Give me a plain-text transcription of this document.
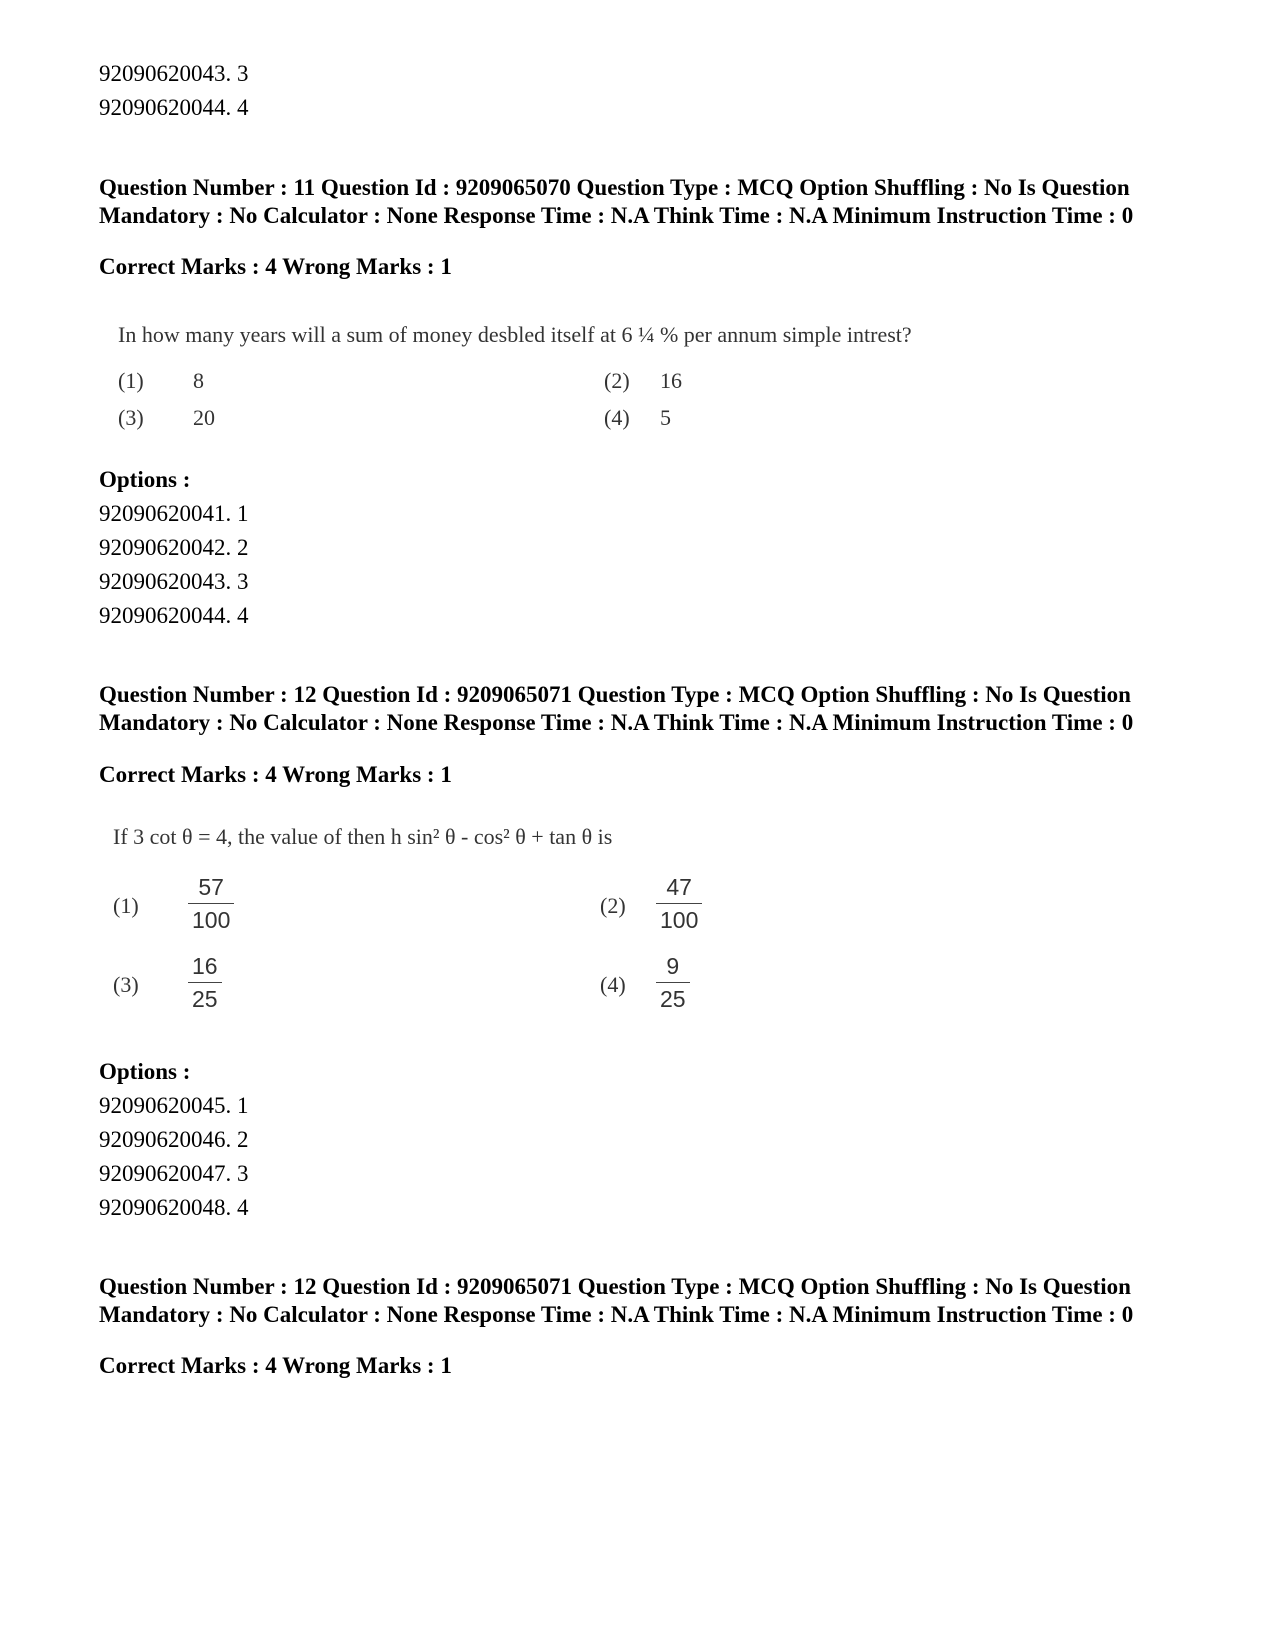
92090620043. 3
92090620044. 4
Question Number : 11 Question Id : 9209065070 Question Type : MCQ Option Shuffling : No Is Question Mandatory : No Calculator : None Response Time : N.A Think Time : N.A Minimum Instruction Time : 0
Correct Marks : 4 Wrong Marks : 1
In how many years will a sum of money desbled itself at 6 ¼ % per annum simple intrest?
(1) 8	(2) 16
(3) 20	(4) 5
Options :
92090620041. 1
92090620042. 2
92090620043. 3
92090620044. 4
Question Number : 12 Question Id : 9209065071 Question Type : MCQ Option Shuffling : No Is Question Mandatory : No Calculator : None Response Time : N.A Think Time : N.A Minimum Instruction Time : 0
Correct Marks : 4 Wrong Marks : 1
If 3 cot θ = 4, the value of then h sin² θ - cos² θ + tan θ is
(1)
57
100
(2)
47
100
(3)
16
25
(4)
9
25
Options :
92090620045. 1
92090620046. 2
92090620047. 3
92090620048. 4
Question Number : 12 Question Id : 9209065071 Question Type : MCQ Option Shuffling : No Is Question Mandatory : No Calculator : None Response Time : N.A Think Time : N.A Minimum Instruction Time : 0
Correct Marks : 4 Wrong Marks : 1
